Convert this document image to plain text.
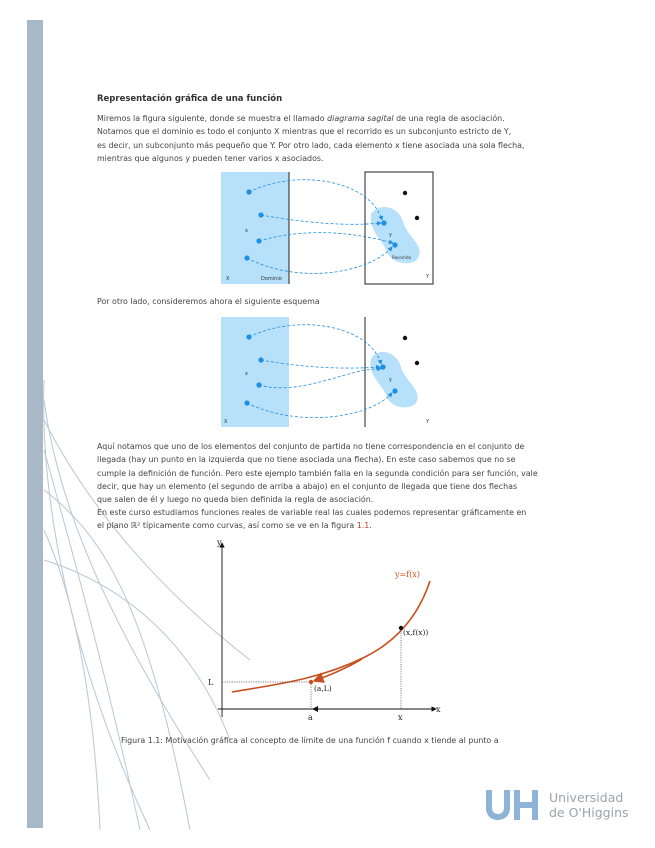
Representación gráfica de una función
Miremos la figura siguiente, donde se muestra el llamado diagrama sagital de una regla de asociación.
Notamos que el dominio es todo el conjunto X mientras que el recorrido es un subconjunto estricto de Y,
es decir, un subconjunto más pequeño que Y. Por otro lado, cada elemento x tiene asociada una sola flecha,
mientras que algunos y pueden tener varios x asociados.
X	Dominio	Y
Recorrido
x
y
Por otro lado, consideremos ahora el siguiente esquema
X	Y
x
y
Aquí notamos que uno de los elementos del conjunto de partida no tiene correspondencia en el conjunto de
llegada (hay un punto en la izquierda que no tiene asociada una flecha). En este caso sabemos que no se
cumple la definición de función. Pero este ejemplo también falla en la segunda condición para ser función, vale
decir, que hay un elemento (el segundo de arriba a abajo) en el conjunto de llegada que tiene dos flechas
que salen de él y luego no queda bien definida la regla de asociación.
En este curso estudiamos funciones reales de variable real las cuales podemos representar gráficamente en
el plano ℝ² típicamente como curvas, así como se ve en la figura 1.1.
y
x
y=f(x)
(x,f(x))
(a,L)
L
a	x
Figura 1.1: Motivación gráfica al concepto de límite de una función f cuando x tiende al punto a
Universidad
de O'Higgins
